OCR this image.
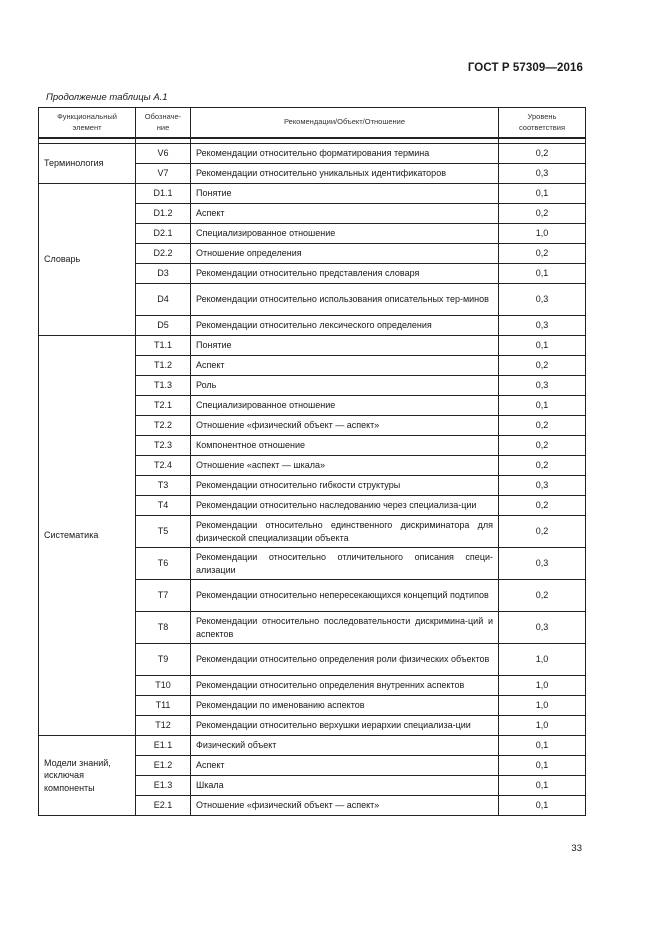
ГОСТ Р 57309—2016
Продолжение таблицы А.1
Функциональный элемент	Обозначе-ние	Рекомендации/Объект/Отношение	Уровень соответствия

Терминология	V6	Рекомендации относительно форматирования термина	0,2
	V7	Рекомендации относительно уникальных идентификаторов	0,3
Словарь	D1.1	Понятие	0,1
	D1.2	Аспект	0,2
	D2.1	Специализированное отношение	1,0
	D2.2	Отношение определения	0,2
	D3	Рекомендации относительно представления словаря	0,1
	D4	Рекомендации относительно использования описательных тер-минов	0,3
	D5	Рекомендации относительно лексического определения	0,3
Систематика	T1.1	Понятие	0,1
	T1.2	Аспект	0,2
	T1.3	Роль	0,3
	T2.1	Специализированное отношение	0,1
	T2.2	Отношение «физический объект — аспект»	0,2
	T2.3	Компонентное отношение	0,2
	T2.4	Отношение «аспект — шкала»	0,2
	T3	Рекомендации относительно гибкости структуры	0,3
	T4	Рекомендации относительно наследованию через специализа-ции	0,2
	T5	Рекомендации относительно единственного дискриминатора для физической специализации объекта	0,2
	T6	Рекомендации относительно отличительного описания специ-ализации	0,3
	T7	Рекомендации относительно непересекающихся концепций подтипов	0,2
	T8	Рекомендации относительно последовательности дискримина-ций и аспектов	0,3
	T9	Рекомендации относительно определения роли физических объектов	1,0
	T10	Рекомендации относительно определения внутренних аспектов	1,0
	T11	Рекомендации по именованию аспектов	1,0
	T12	Рекомендации относительно верхушки иерархии специализа-ции	1,0
Модели знаний, исключая компоненты	E1.1	Физический объект	0,1
	E1.2	Аспект	0,1
	E1.3	Шкала	0,1
	E2.1	Отношение «физический объект — аспект»	0,1
33
